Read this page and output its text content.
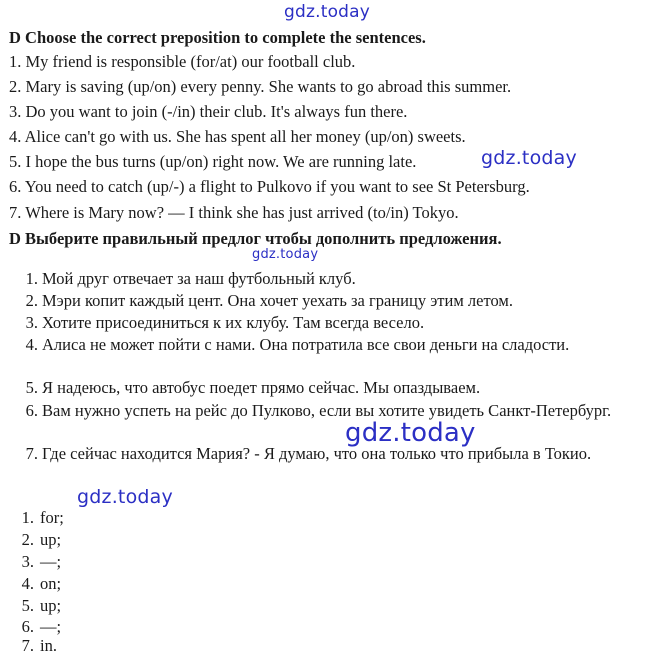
gdz.today
gdz.today
gdz.today
gdz.today
gdz.today
D Choose the correct preposition to complete the sentences.
1. My friend is responsible (for/at) our football club.
2. Mary is saving (up/on) every penny. She wants to go abroad this summer.
3. Do you want to join (-/in) their club. It's always fun there.
4. Alice can't go with us. She has spent all her money (up/on) sweets.
5. I hope the bus turns (up/on) right now. We are running late.
6. You need to catch (up/-) a flight to Pulkovo if you want to see St Petersburg.
7. Where is Mary now? — I think she has just arrived (to/in) Tokyo.
D Выберите правильный предлог чтобы дополнить предложения.
1. Мой друг отвечает за наш футбольный клуб.
2. Мэри копит каждый цент. Она хочет уехать за границу этим летом.
3. Хотите присоединиться к их клубу. Там всегда весело.
4. Алиса не может пойти с нами. Она потратила все свои деньги на сладости.
5. Я надеюсь, что автобус поедет прямо сейчас. Мы опаздываем.
6. Вам нужно успеть на рейс до Пулково, если вы хотите увидеть Санкт-Петербург.
7. Где сейчас находится Мария? - Я думаю, что она только что прибыла в Токио.
1. for;
2. up;
3. —;
4. on;
5. up;
6. —;
7. in.
